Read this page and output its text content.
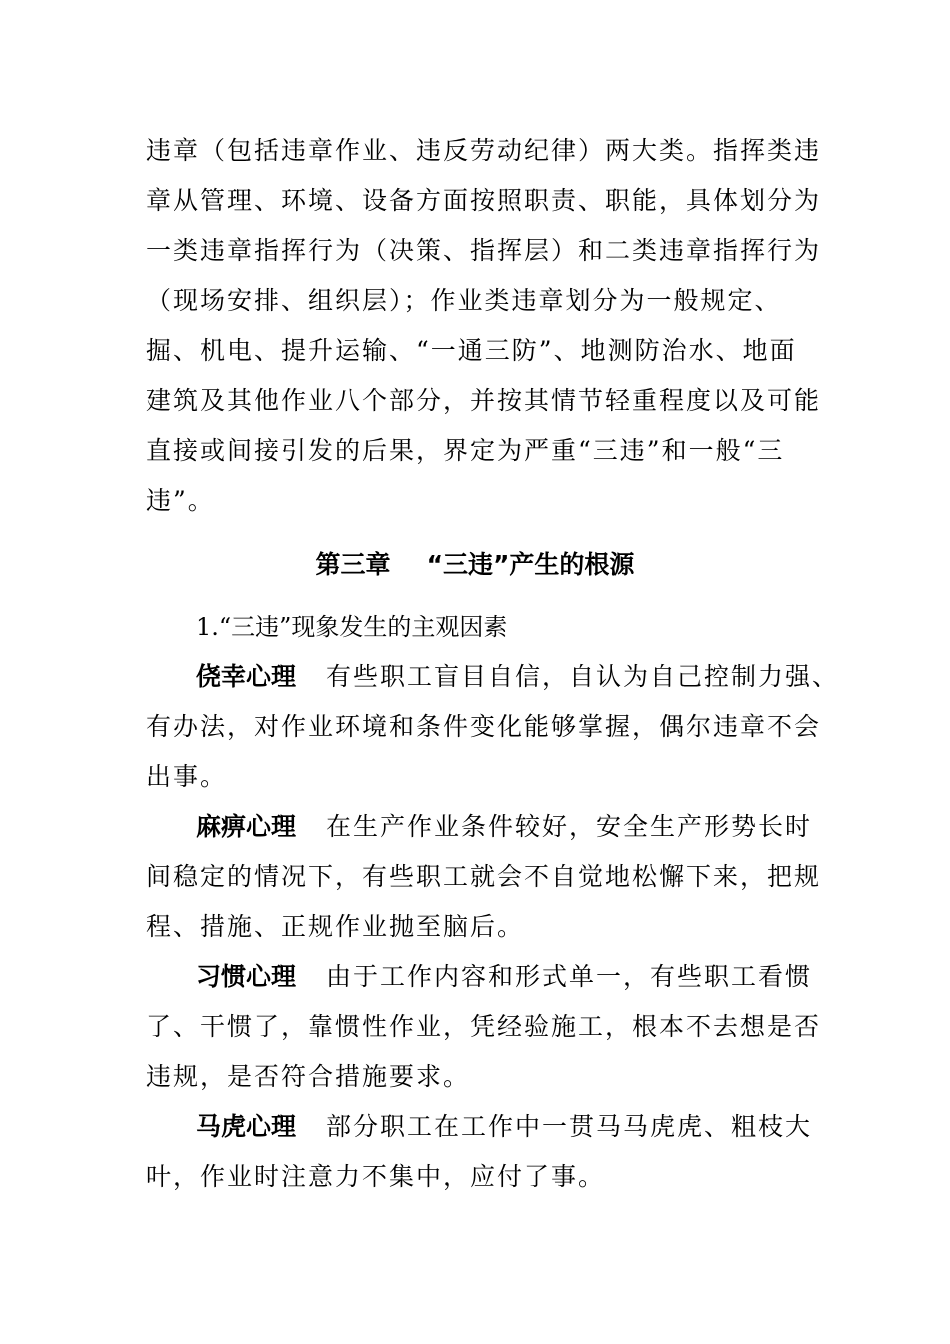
违章（包括违章作业、违反劳动纪律）两大类。指挥类违
章从管理、环境、设备方面按照职责、职能，具体划分为
一类违章指挥行为（决策、指挥层）和二类违章指挥行为
（现场安排、组织层）；作业类违章划分为一般规定、
掘、机电、提升运输、“一通三防”、地测防治水、地面
建筑及其他作业八个部分，并按其情节轻重程度以及可能
直接或间接引发的后果，界定为严重“三违”和一般“三
违”。
第三章 “三违”产生的根源
1.“三违”现象发生的主观因素
侥幸心理 有些职工盲目自信，自认为自己控制力强、
有办法，对作业环境和条件变化能够掌握，偶尔违章不会
出事。
麻痹心理 在生产作业条件较好，安全生产形势长时
间稳定的情况下，有些职工就会不自觉地松懈下来，把规
程、措施、正规作业抛至脑后。
习惯心理 由于工作内容和形式单一，有些职工看惯
了、干惯了，靠惯性作业，凭经验施工，根本不去想是否
违规，是否符合措施要求。
马虎心理 部分职工在工作中一贯马马虎虎、粗枝大
叶，作业时注意力不集中，应付了事。
